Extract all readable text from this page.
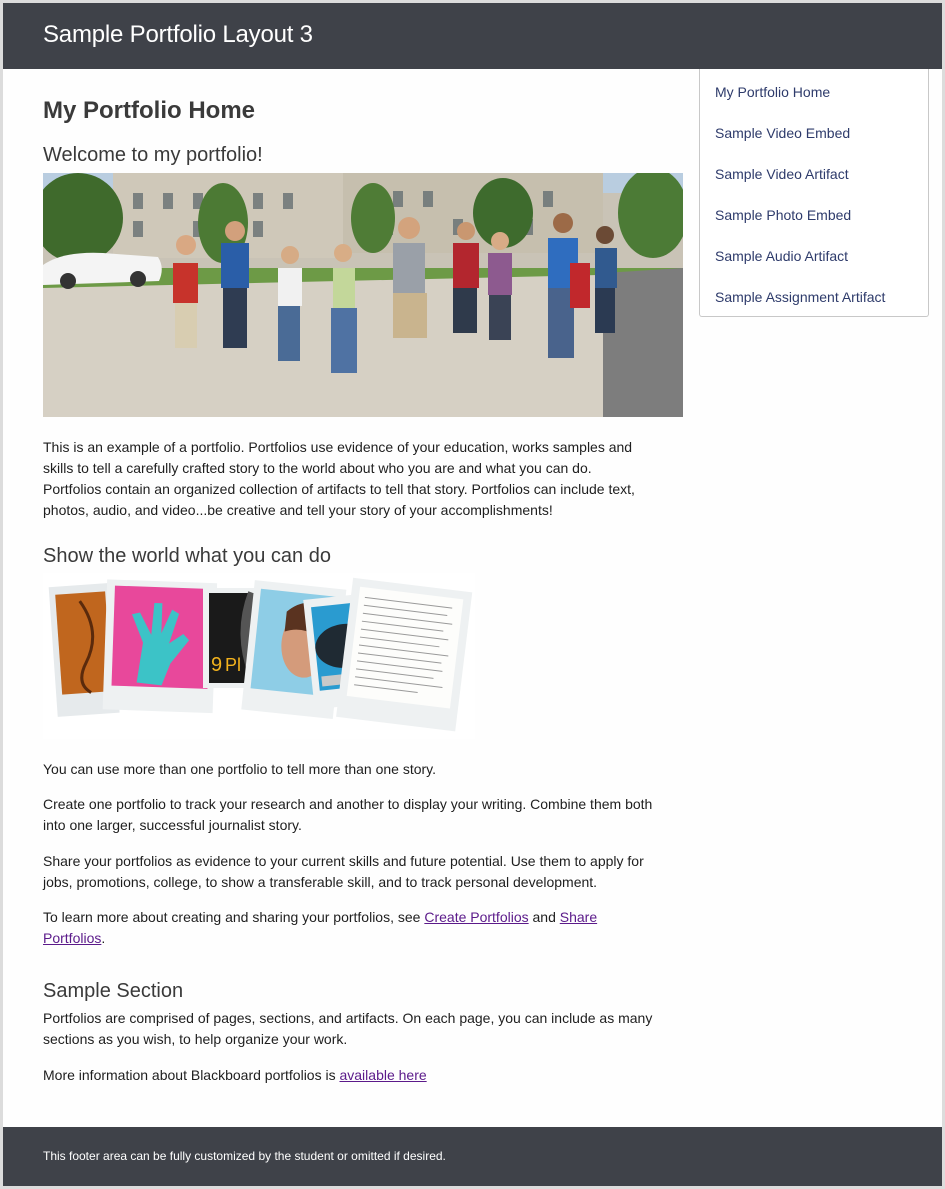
Sample Portfolio Layout 3
My Portfolio Home
Sample Video Embed
Sample Video Artifact
Sample Photo Embed
Sample Audio Artifact
Sample Assignment Artifact
My Portfolio Home
Welcome to my portfolio!

This is an example of a portfolio. Portfolios use evidence of your education, works samples and skills to tell a carefully crafted story to the world about who you are and what you can do. Portfolios contain an organized collection of artifacts to tell that story. Portfolios can include text, photos, audio, and video...be creative and tell your story of your accomplishments!

Show the world what you can do
9 Pl

You can use more than one portfolio to tell more than one story.

Create one portfolio to track your research and another to display your writing. Combine them both into one larger, successful journalist story.

Share your portfolios as evidence to your current skills and future potential. Use them to apply for jobs, promotions, college, to show a transferable skill, and to track personal development.

To learn more about creating and sharing your portfolios, see Create Portfolios and Share Portfolios.

Sample Section

Portfolios are comprised of pages, sections, and artifacts. On each page, you can include as many sections as you wish, to help organize your work.

More information about Blackboard portfolios is available here

This footer area can be fully customized by the student or omitted if desired.
